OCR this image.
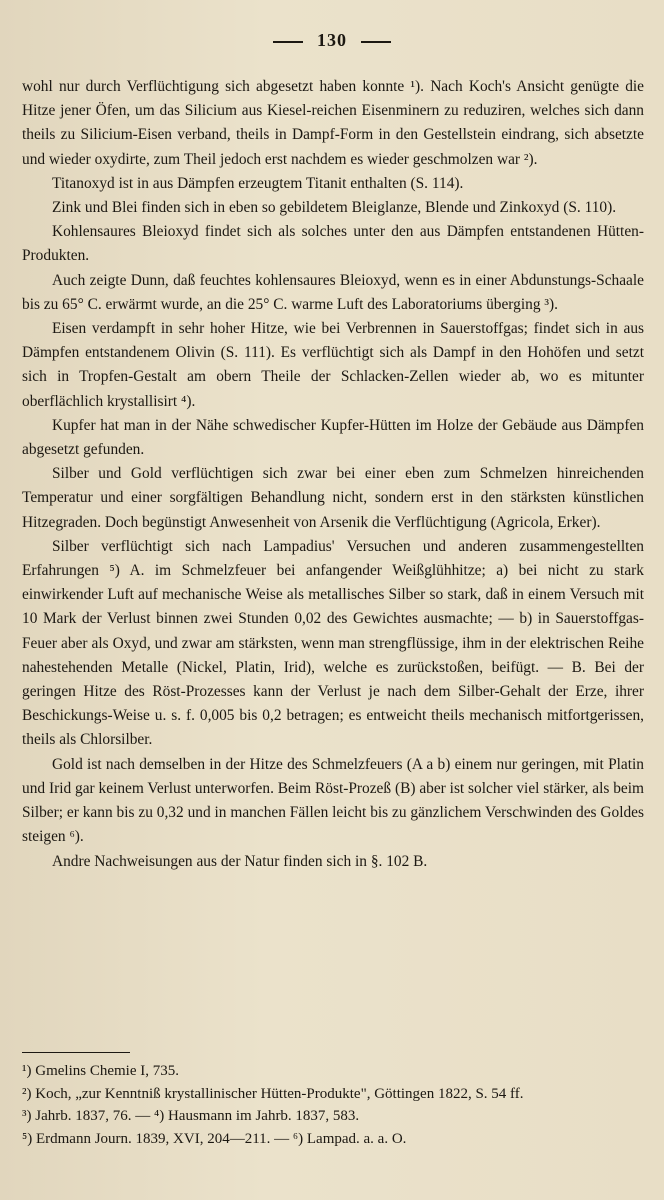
130

wohl nur durch Verflüchtigung sich abgesetzt haben konnte ¹). Nach Koch's Ansicht genügte die Hitze jener Öfen, um das Silicium aus Kiesel-reichen Eisenminern zu reduziren, welches sich dann theils zu Silicium-Eisen verband, theils in Dampf-Form in den Gestellstein eindrang, sich absetzte und wieder oxydirte, zum Theil jedoch erst nachdem es wieder geschmolzen war ²).

Titanoxyd ist in aus Dämpfen erzeugtem Titanit enthalten (S. 114).

Zink und Blei finden sich in eben so gebildetem Bleiglanze, Blende und Zinkoxyd (S. 110).

Kohlensaures Bleioxyd findet sich als solches unter den aus Dämpfen entstandenen Hütten-Produkten.

Auch zeigte Dunn, daß feuchtes kohlensaures Bleioxyd, wenn es in einer Abdunstungs-Schaale bis zu 65° C. erwärmt wurde, an die 25° C. warme Luft des Laboratoriums überging ³).

Eisen verdampft in sehr hoher Hitze, wie bei Verbrennen in Sauerstoffgas; findet sich in aus Dämpfen entstandenem Olivin (S. 111). Es verflüchtigt sich als Dampf in den Hohöfen und setzt sich in Tropfen-Gestalt am obern Theile der Schlacken-Zellen wieder ab, wo es mitunter oberflächlich krystallisirt ⁴).

Kupfer hat man in der Nähe schwedischer Kupfer-Hütten im Holze der Gebäude aus Dämpfen abgesetzt gefunden.

Silber und Gold verflüchtigen sich zwar bei einer eben zum Schmelzen hinreichenden Temperatur und einer sorgfältigen Behandlung nicht, sondern erst in den stärksten künstlichen Hitzegraden. Doch begünstigt Anwesenheit von Arsenik die Verflüchtigung (Agricola, Erker).

Silber verflüchtigt sich nach Lampadius' Versuchen und anderen zusammengestellten Erfahrungen ⁵) A. im Schmelzfeuer bei anfangender Weißglühhitze; a) bei nicht zu stark einwirkender Luft auf mechanische Weise als metallisches Silber so stark, daß in einem Versuch mit 10 Mark der Verlust binnen zwei Stunden 0,02 des Gewichtes ausmachte; — b) in Sauerstoffgas-Feuer aber als Oxyd, und zwar am stärksten, wenn man strengflüssige, ihm in der elektrischen Reihe nahestehenden Metalle (Nickel, Platin, Irid), welche es zurückstoßen, beifügt. — B. Bei der geringen Hitze des Röst-Prozesses kann der Verlust je nach dem Silber-Gehalt der Erze, ihrer Beschickungs-Weise u. s. f. 0,005 bis 0,2 betragen; es entweicht theils mechanisch mitfortgerissen, theils als Chlorsilber.

Gold ist nach demselben in der Hitze des Schmelzfeuers (A a b) einem nur geringen, mit Platin und Irid gar keinem Verlust unterworfen. Beim Röst-Prozeß (B) aber ist solcher viel stärker, als beim Silber; er kann bis zu 0,32 und in manchen Fällen leicht bis zu gänzlichem Verschwinden des Goldes steigen ⁶).

Andre Nachweisungen aus der Natur finden sich in §. 102 B.

¹) Gmelins Chemie I, 735.
²) Koch, „zur Kenntniß krystallinischer Hütten-Produkte", Göttingen 1822, S. 54 ff.
³) Jahrb. 1837, 76. — ⁴) Hausmann im Jahrb. 1837, 583.
⁵) Erdmann Journ. 1839, XVI, 204—211. — ⁶) Lampad. a. a. O.
